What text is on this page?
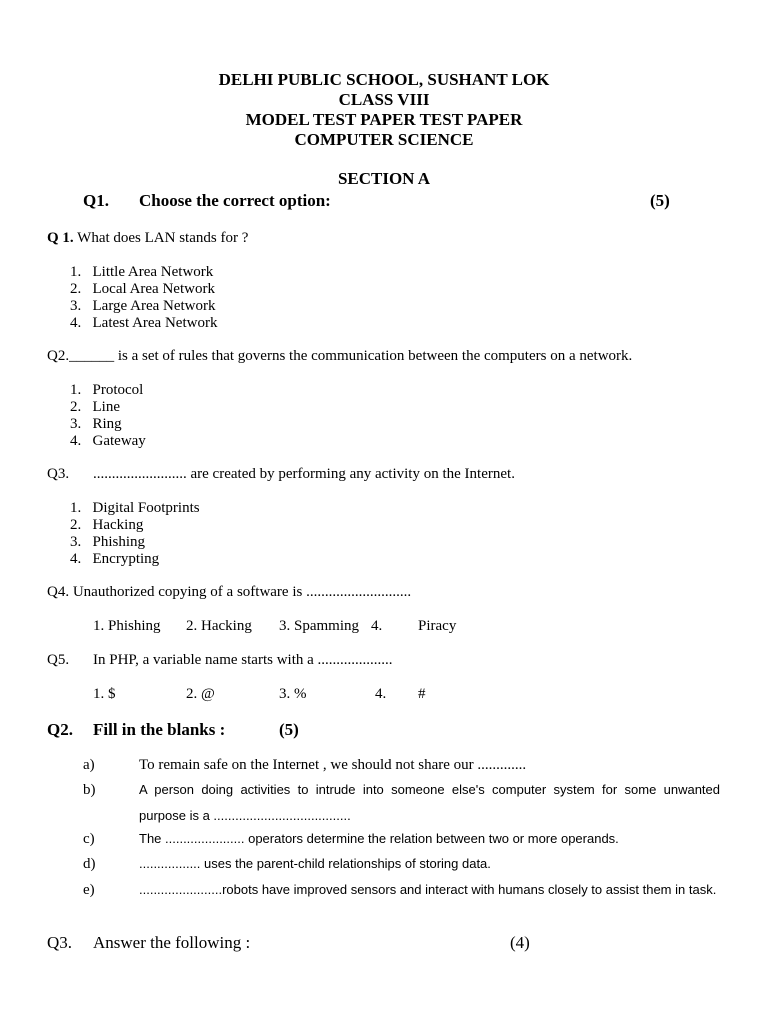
DELHI PUBLIC SCHOOL, SUSHANT LOK
CLASS VIII
MODEL TEST PAPER TEST PAPER
COMPUTER SCIENCE
SECTION A
Q1. Choose the correct option:	(5)
Q 1. What does LAN stands for ?
1.   Little Area Network
2.   Local Area Network
3.   Large Area Network
4.   Latest Area Network
Q2.______ is a set of rules that governs the communication between the computers on a network.
1.   Protocol
2.   Line
3.   Ring
4.   Gateway
Q3. ......................... are created by performing any activity on the Internet.
1.   Digital Footprints
2.   Hacking
3.   Phishing
4.   Encrypting
Q4. Unauthorized copying of a software is ............................
1. Phishing 2. Hacking 3. Spamming 4. Piracy
Q5. In PHP, a variable name starts with a ....................
1. $	2. @	3. %	4. #
Q2. Fill in the blanks :	(5)
a)	To remain safe on the Internet , we should not share our .............
b)	A person doing activities to intrude into someone else's computer system for some unwanted
purpose is a ......................................
c)	The ...................... operators determine the relation between two or more operands.
d)	................. uses the parent-child relationships of storing data.
e)	.......................robots have improved sensors and interact with humans closely to assist them in task.
Q3. Answer the following :	(4)
